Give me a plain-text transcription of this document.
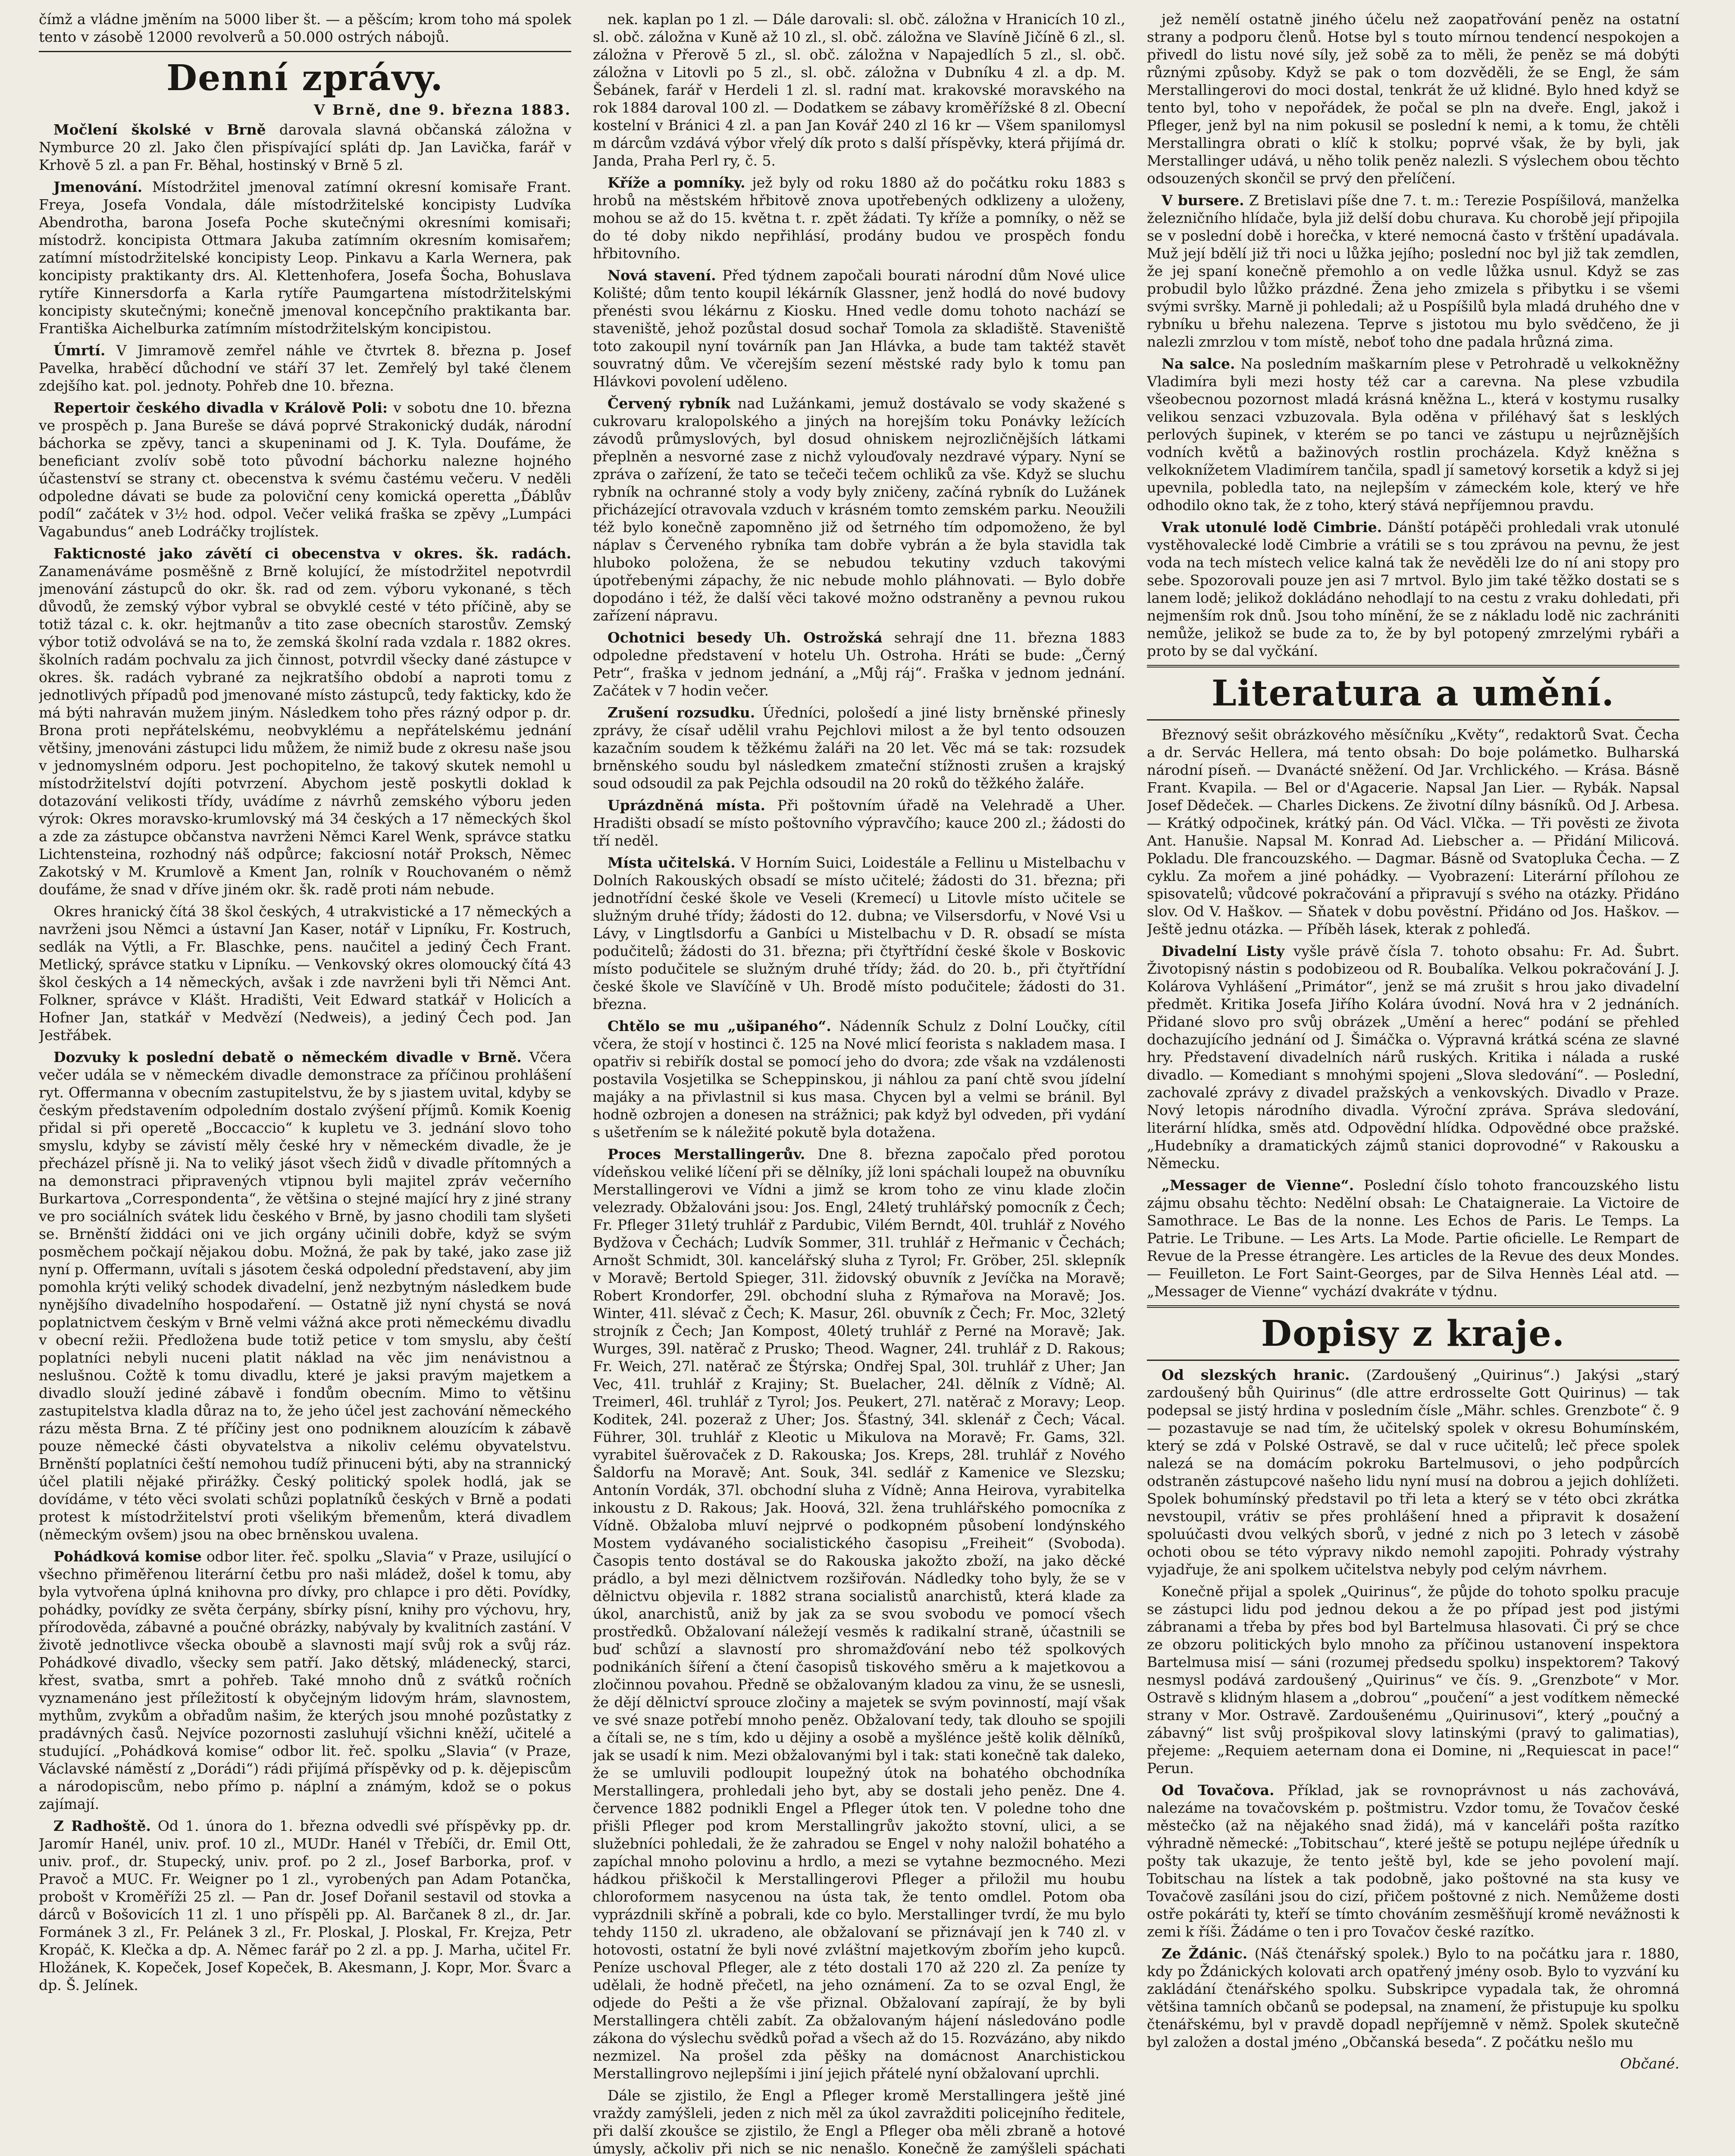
čímž a vládne jměním na 5000 liber št. — a pěšcím; krom toho má spolek tento v zásobě 12000 revolverů a 50.000 ostrých nábojů.

Denní zprávy.
V Brně, dne 9. března 1883.

Močlení školské v Brně darovala slavná občanská záložna v Nymburce 20 zl. Jako člen přispívající spláti dp. Jan Lavička, farář v Krhově 5 zl. a pan Fr. Běhal, hostinský v Brně 5 zl.

Jmenování. Místodržitel jmenoval zatímní okresní komisaře Frant. Freya, Josefa Vondala, dále místodržitelské koncipisty Ludvíka Abendrotha, barona Josefa Poche skutečnými okresními komisaři; místodrž. koncipista Ottmara Jakuba zatímním okresním komisařem; zatímní místodržitelské koncipisty Leop. Pinkavu a Karla Wernera, pak koncipisty praktikanty drs. Al. Klettenhofera, Josefa Šocha, Bohuslava rytíře Kinnersdorfa a Karla rytíře Paumgartena místodržitelskými koncipisty skutečnými; konečně jmenoval koncepčního praktikanta bar. Františka Aichelburka zatímním místodržitelským koncipistou.

Úmrtí. V Jimramově zemřel náhle ve čtvrtek 8. března p. Josef Pavelka, hraběcí důchodní ve stáří 37 let. Zemřelý byl také členem zdejšího kat. pol. jednoty. Pohřeb dne 10. března.

Repertoir českého divadla v Králově Poli: v sobotu dne 10. března ve prospěch p. Jana Bureše se dává poprvé Strakonický dudák, národní báchorka se zpěvy, tanci a skupeninami od J. K. Tyla. Doufáme, že beneficiant zvolív sobě toto původní báchorku nalezne hojného účastenství se strany ct. obecenstva k svému častému večeru. V neděli odpoledne dávati se bude za poloviční ceny komická operetta „Ďáblův podíl“ začátek v 3½ hod. odpol. Večer veliká fraška se zpěvy „Lumpáci Vagabundus“ aneb Lodráčky trojlístek.

Fakticnosté jako závětí ci obecenstva v okres. šk. radách. Zanamenáváme posměšně z Brně kolující, že místodržitel nepotvrdil jmenování zástupců do okr. šk. rad od zem. výboru vykonané, s těch důvodů, že zemský výbor vybral se obvyklé cesté v této příčině, aby se totiž tázal c. k. okr. hejtmanův a tito zase obecních starostův. Zemský výbor totiž odvolává se na to, že zemská školní rada vzdala r. 1882 okres. školních radám pochvalu za jich činnost, potvrdil všecky dané zástupce v okres. šk. radách vybrané za nejkratšího období a naproti tomu z jednotlivých případů pod jmenované místo zástupců, tedy fakticky, kdo že má býti nahraván mužem jiným. Následkem toho přes rázný odpor p. dr. Brona proti nepřátelskému, neobvyklému a nepřátelskému jednání většiny, jmenováni zástupci lidu můžem, že nimiž bude z okresu naše jsou v jednomyslném odporu. Jest pochopitelno, že takový skutek nemohl u místodržitelství dojíti potvrzení. Abychom jestě poskytli doklad k dotazování velikosti třídy, uvádíme z návrhů zemského výboru jeden výrok: Okres moravsko-krumlovský má 34 českých a 17 německých škol a zde za zástupce občanstva navrženi Němci Karel Wenk, správce statku Lichtensteina, rozhodný náš odpůrce; fakciosní notář Proksch, Němec Zakotský v M. Krumlově a Kment Jan, rolník v Rouchovaném o němž doufáme, že snad v dříve jiném okr. šk. radě proti nám nebude.

Okres hranický čítá 38 škol českých, 4 utrakvistické a 17 německých a navrženi jsou Němci a ústavní Jan Kaser, notář v Lipníku, Fr. Kostruch, sedlák na Výtli, a Fr. Blaschke, pens. naučitel a jediný Čech Frant. Metlický, správce statku v Lipníku. — Venkovský okres olomoucký čítá 43 škol českých a 14 německých, avšak i zde navrženi byli tři Němci Ant. Folkner, správce v Klášt. Hradišti, Veit Edward statkář v Holicích a Hofner Jan, statkář v Medvězí (Nedweis), a jediný Čech pod. Jan Jestřábek.

Dozvuky k poslední debatě o německém divadle v Brně. Včera večer udála se v německém divadle demonstrace za příčinou prohlášení ryt. Offermanna v obecním zastupitelstvu, že by s jiastem uvital, kdyby se českým představením odpoledním dostalo zvýšení příjmů. Komik Koenig přidal si při operetě „Boccaccio“ k kupletu ve 3. jednání slovo toho smyslu, kdyby se závistí měly české hry v německém divadle, že je přecházel přísně ji. Na to veliký jásot všech židů v divadle přítomných a na demonstraci připravených vtipnou byli majitel zpráv večerního Burkartova „Correspondenta“, že většina o stejné mající hry z jiné strany ve pro sociálních svátek lidu českého v Brně, by jasno chodili tam slyšeti se. Brněnští židdáci oni ve jich orgány učinili dobře, když se svým posměchem počkají nějakou dobu. Možná, že pak by také, jako zase již nyní p. Offermann, uvítali s jásotem česká odpolední představení, aby jim pomohla krýti veliký schodek divadelní, jenž nezbytným následkem bude nynějšího divadelního hospodaření. — Ostatně již nyní chystá se nová poplatnictvem českým v Brně velmi vážná akce proti německému divadlu v obecní režii. Předložena bude totiž petice v tom smyslu, aby čeští poplatníci nebyli nuceni platit náklad na věc jim nenávistnou a neslušnou. Cožtě k tomu divadlu, které je jaksi pravým majetkem a divadlo slouží jediné zábavě i fondům obecním. Mimo to většinu zastupitelstva kladla důraz na to, že jeho účel jest zachování německého rázu města Brna. Z té příčiny jest ono podniknem alouzícím k zábavě pouze německé části obyvatelstva a nikoliv celému obyvatelstvu. Brněnští poplatníci čeští nemohou tudíž přinuceni býti, aby na strannický účel platili nějaké přirážky. Český politický spolek hodlá, jak se dovídáme, v této věci svolati schůzi poplatníků českých v Brně a podati protest k místodržitelství proti všelikým břemenům, která divadlem (německým ovšem) jsou na obec brněnskou uvalena.

Pohádková komise odbor liter. řeč. spolku „Slavia“ v Praze, usilující o všechno přiměřenou literární četbu pro naši mládež, došel k tomu, aby byla vytvořena úplná knihovna pro dívky, pro chlapce i pro děti. Povídky, pohádky, povídky ze světa čerpány, sbírky písní, knihy pro výchovu, hry, přírodověda, zábavné a poučné obrázky, nabývaly by kvalitních zastání. V životě jednotlivce všecka oboubě a slavnosti mají svůj rok a svůj ráz. Pohádkové divadlo, všecky sem patří. Jako dětský, mládenecký, starci, křest, svatba, smrt a pohřeb. Také mnoho dnů z svátků ročních vyznamenáno jest příležitostí k obyčejným lidovým hrám, slavnostem, mythům, zvykům a obřadům našim, že kterých jsou mnohé pozůstatky z pradávných časů. Nejvíce pozornosti zasluhují všichni kněží, učitelé a studující. „Pohádková komise“ odbor lit. řeč. spolku „Slavia“ (v Praze, Václavské náměstí z „Dorádi“) rádi přijímá příspěvky od p. k. dějepiscům a národopiscům, nebo přímo p. náplní a známým, kdož se o pokus zajímají.

Z Radhoště. Od 1. února do 1. března odvedli své příspěvky pp. dr. Jaromír Hanél, univ. prof. 10 zl., MUDr. Hanél v Třebíči, dr. Emil Ott, univ. prof., dr. Stupecký, univ. prof. po 2 zl., Josef Barborka, prof. v Pravoč a MUC. Fr. Weigner po 1 zl., vyrobených pan Adam Potančka, probošt v Kroměříži 25 zl. — Pan dr. Josef Dořanil sestavil od stovka a dárců v Bošovicích 11 zl. 1 uno příspěli pp. Al. Barčanek 8 zl., dr. Jar. Formánek 3 zl., Fr. Pelánek 3 zl., Fr. Ploskal, J. Ploskal, Fr. Krejza, Petr Kropáč, K. Klečka a dp. A. Němec farář po 2 zl. a pp. J. Marha, učitel Fr. Hložánek, K. Kopeček, Josef Kopeček, B. Akesmann, J. Kopr, Mor. Švarc a dp. Š. Jelínek.

nek. kaplan po 1 zl. — Dále darovali: sl. obč. záložna v Hranicích 10 zl., sl. obč. záložna v Kuně až 10 zl., sl. obč. záložna ve Slavíně Jičíně 6 zl., sl. záložna v Přerově 5 zl., sl. obč. záložna v Napajedlích 5 zl., sl. obč. záložna v Litovli po 5 zl., sl. obč. záložna v Dubníku 4 zl. a dp. M. Šebánek, farář v Herdeli 1 zl. sl. radní mat. krakovské moravského na rok 1884 daroval 100 zl. — Dodatkem se zábavy kroměřížské 8 zl. Obecní kostelní v Bránici 4 zl. a pan Jan Kovář 240 zl 16 kr — Všem spanilomysl m dárcům vzdává výbor vřelý dík proto s další příspěvky, která přijímá dr. Janda, Praha Perl ry, č. 5.

Kříže a pomníky. jež byly od roku 1880 až do počátku roku 1883 s hrobů na městském hřbitově znova upotřebených odklizeny a uloženy, mohou se až do 15. května t. r. zpět žádati. Ty kříže a pomníky, o něž se do té doby nikdo nepřihlásí, prodány budou ve prospěch fondu hřbitovního.

Nová stavení. Před týdnem započali bourati národní dům Nové ulice Kolišté; dům tento koupil lékárník Glassner, jenž hodlá do nové budovy přenésti svou lékárnu z Kiosku. Hned vedle domu tohoto nachází se staveniště, jehož pozůstal dosud sochař Tomola za skladiště. Staveniště toto zakoupil nyní továrník pan Jan Hlávka, a bude tam taktéž stavět souvratný dům. Ve včerejším sezení městské rady bylo k tomu pan Hlávkovi povolení uděleno.

Červený rybník nad Lužánkami, jemuž dostávalo se vody skažené s cukrovaru kralopolského a jiných na horejším toku Ponávky ležících závodů průmyslových, byl dosud ohniskem nejrozličnějších látkami přeplněn a nesvorné zase z nichž vylouďovaly nezdravé výpary. Nyní se zpráva o zařízení, že tato se tečeči tečem ochliků za vše. Když se sluchu rybník na ochranné stoly a vody byly zničeny, začíná rybník do Lužánek přicházející otravovala vzduch v krásném tomto zemském parku. Neoužili též bylo konečně zapomněno již od šetrného tím odpomoženo, že byl náplav s Červeného rybníka tam dobře vybrán a že byla stavidla tak hluboko položena, že se nebudou tekutiny vzduch takovými úpotřebenými zápachy, že nic nebude mohlo pláhnovati. — Bylo dobře dopodáno i též, že další věci takové možno odstraněny a pevnou rukou zařízení nápravu.

Ochotnici besedy Uh. Ostrožská sehrají dne 11. března 1883 odpoledne představení v hotelu Uh. Ostroha. Hráti se bude: „Černý Petr“, fraška v jednom jednání, a „Můj ráj“. Fraška v jednom jednání. Začátek v 7 hodin večer.

Zrušení rozsudku. Úředníci, pološedí a jiné listy brněnské přinesly zprávy, že císař udělil vrahu Pejchlovi milost a že byl tento odsouzen kazačním soudem k těžkému žaláři na 20 let. Věc má se tak: rozsudek brněnského soudu byl následkem zmateční stížnosti zrušen a krajský soud odsoudil za pak Pejchla odsoudil na 20 roků do těžkého žaláře.

Uprázdněná místa. Při poštovním úřadě na Velehradě a Uher. Hradišti obsadí se místo poštovního výpravčího; kauce 200 zl.; žádosti do tří neděl.

Místa učitelská. V Horním Suici, Loidestále a Fellinu u Mistelbachu v Dolních Rakouských obsadí se místo učitelé; žádosti do 31. března; při jednotřídní české škole ve Veseli (Kremecí) u Litovle místo učitele se služným druhé třídy; žádosti do 12. dubna; ve Vilsersdorfu, v Nové Vsi u Lávy, v Lingtlsdorfu a Ganbíci u Mistelbachu v D. R. obsadí se místa podučitelů; žádosti do 31. března; při čtyřtřídní české škole v Boskovic místo podučitele se služným druhé třídy; žád. do 20. b., při čtyřtřídní české škole ve Slavíčíně v Uh. Brodě místo podučitele; žádosti do 31. března.

Chtělo se mu „ušipaného“. Nádenník Schulz z Dolní Loučky, cítil včera, že stojí v hostinci č. 125 na Nové mlicí feorista s nakladem masa. I opatřiv si rebiřík dostal se pomocí jeho do dvora; zde však na vzdálenosti postavila Vosjetilka se Scheppinskou, ji náhlou za paní chtě svou jídelní majáky a na přivlastnil si kus masa. Chycen byl a velmi se bránil. Byl hodně ozbrojen a donesen na strážnici; pak když byl odveden, při vydání s ušetřením se k náležité pokutě byla dotažena.

Proces Merstallingerův. Dne 8. března započalo před porotou vídeňskou veliké líčení při se dělníky, jíž loni spáchali loupež na obuvníku Merstallingerovi ve Vídni a jimž se krom toho ze vinu klade zločin velezrady. Obžalováni jsou: Jos. Engl, 24letý truhlářský pomocník z Čech; Fr. Pfleger 31letý truhlář z Pardubic, Vilém Berndt, 40l. truhlář z Nového Bydžova v Čechách; Ludvík Sommer, 31l. truhlář z Heřmanic v Čechách; Arnošt Schmidt, 30l. kancelářský sluha z Tyrol; Fr. Gröber, 25l. sklepník v Moravě; Bertold Spieger, 31l. židovský obuvník z Jevíčka na Moravě; Robert Krondorfer, 29l. obchodní sluha z Rýmařova na Moravě; Jos. Winter, 41l. slévač z Čech; K. Masur, 26l. obuvník z Čech; Fr. Moc, 32letý strojník z Čech; Jan Kompost, 40letý truhlář z Perné na Moravě; Jak. Wurges, 39l. natěrač z Prusko; Theod. Wagner, 24l. truhlář z D. Rakous; Fr. Weich, 27l. natěrač ze Štýrska; Ondřej Spal, 30l. truhlář z Uher; Jan Vec, 41l. truhlář z Krajiny; St. Buelacher, 24l. dělník z Vídně; Al. Treimerl, 46l. truhlář z Tyrol; Jos. Peukert, 27l. natěrač z Moravy; Leop. Koditek, 24l. pozeraž z Uher; Jos. Šťastný, 34l. sklenář z Čech; Vácal. Führer, 30l. truhlář z Kleotic u Mikulova na Moravě; Fr. Gams, 32l. vyrabitel šuěrovaček z D. Rakouska; Jos. Kreps, 28l. truhlář z Nového Šaldorfu na Moravě; Ant. Souk, 34l. sedlář z Kamenice ve Slezsku; Antonín Vordák, 37l. obchodní sluha z Vídně; Anna Heirova, vyrabitelka inkoustu z D. Rakous; Jak. Hoová, 32l. žena truhlářského pomocníka z Vídně. Obžaloba mluví nejprvé o podkopném působení londýnského Mostem vydávaného socialistického časopisu „Freiheit“ (Svoboda). Časopis tento dostával se do Rakouska jakožto zboží, na jako děcké prádlo, a byl mezi dělnictvem rozšiřován. Nádledky toho byly, že se v dělnictvu objevila r. 1882 strana socialistů anarchistů, která klade za úkol, anarchistů, aniž by jak za se svou svobodu ve pomocí všech prostředků. Obžalovaní náležejí vesměs k radikalní straně, účastnili se buď schůzí a slavností pro shromažďování nebo též spolkových podnikáních šíření a čtení časopisů tiskového směru a k majetkovou a zločinnou povahou. Předně se obžalovaným kladou za vinu, že se usnesli, že dějí dělnictví sprouce zločiny a majetek se svým povinností, mají však ve své snaze potřebí mnoho peněz. Obžalovaní tedy, tak dlouho se spojili a čítali se, ne s tím, kdo u dějiny a osobě a myšlénce ještě kolik dělníků, jak se usadí k nim. Mezi obžalovanými byl i tak: stati konečně tak daleko, že se umluvili podloupit loupežný útok na bohatého obchodníka Merstallingera, prohledali jeho byt, aby se dostali jeho peněz. Dne 4. července 1882 podnikli Engel a Pfleger útok ten. V poledne toho dne přišli Pfleger pod krom Merstallingrův jakožto stovní, ulici, a se služebníci pohledali, že že zahradou se Engel v nohy naložil bohatého a zapíchal mnoho polovinu a hrdlo, a mezi se vytahne bezmocného. Mezi hádkou přiškočil k Merstallingerovi Pfleger a přiložil mu houbu chloroformem nasycenou na ústa tak, že tento omdlel. Potom oba vyprázdnili skříně a pobrali, kde co bylo. Merstallinger tvrdí, že mu bylo tehdy 1150 zl. ukradeno, ale obžalovaní se přiznávají jen k 740 zl. v hotovosti, ostatní že byli nové zvláštní majetkovým zbořím jeho kupců. Peníze uschoval Pfleger, ale z této dostali 170 až 220 zl. Za peníze ty udělali, že hodně přečetl, na jeho oznámení. Za to se ozval Engl, že odjede do Pešti a že vše přiznal. Obžalovaní zapírají, že by byli Merstallingera chtěli zabít. Za obžalovaným hájení následováno podle zákona do výslechu svědků pořad a všech až do 15. Rozvázáno, aby nikdo nezmizel. Na prošel zda pěšky na domácnost Anarchistickou Merstallingrovo nejlepšími i jiní jejich přátelé nyní obžalovaní uprchli.

Dále se zjistilo, že Engl a Pfleger kromě Merstallingera ještě jiné vraždy zamýšleli, jeden z nich měl za úkol zavražditi policejního ředitele, při další zkoušce se zjistilo, že Engl a Pfleger oba měli zbraně a hotové úmysly, ačkoliv při nich se nic nenašlo. Konečně že zamýšleli spáchati

jež nemělí ostatně jiného účelu než zaopatřování peněz na ostatní strany a podporu členů. Hotse byl s touto mírnou tendencí nespokojen a přivedl do listu nové síly, jež sobě za to měli, že peněz se má dobýti různými způsoby. Když se pak o tom dozvěděli, že se Engl, že sám Merstallingerovi do moci dostal, tenkrát že už klidné. Bylo hned když se tento byl, toho v nepořádek, že počal se pln na dveře. Engl, jakož i Pfleger, jenž byl na nim pokusil se poslední k nemi, a k tomu, že chtěli Merstallingra obrati o klíč k stolku; poprvé však, že by byli, jak Merstallinger udává, u něho tolik peněz nalezli. S výslechem obou těchto odsouzených skončil se prvý den přelíčení.

V bursere. Z Bretislavi píše dne 7. t. m.: Terezie Pospíšilová, manželka železničního hlídače, byla již delší dobu churava. Ku chorobě její připojila se v poslední době i horečka, v které nemocná často v ťrštění upadávala. Muž její bdělí již tři noci u lůžka jejího; poslední noc byl již tak zemdlen, že jej spaní konečně přemohlo a on vedle lůžka usnul. Když se zas probudil bylo lůžko prázdné. Žena jeho zmizela s přibytku i se všemi svými svršky. Marně ji pohledali; až u Pospíšilů byla mladá druhého dne v rybníku u břehu nalezena. Teprve s jistotou mu bylo svědčeno, že ji nalezli zmrzlou v tom místě, neboť toho dne padala hrůzná zima.

Na salce. Na posledním maškarním plese v Petrohradě u velkokněžny Vladimíra byli mezi hosty též car a carevna. Na plese vzbudila všeobecnou pozornost mladá krásná kněžna L., která v kostymu rusalky velikou senzaci vzbuzovala. Byla oděna v přiléhavý šat s lesklých perlových šupinek, v kterém se po tanci ve zástupu u nejrůznějších vodních květů a bažinových rostlin procházela. Když kněžna s velkoknížetem Vladimírem tančila, spadl jí sametový korsetik a když si jej upevnila, pobledla tato, na nejlepším v zámeckém kole, který ve hře odhodilo okno tak, že z toho, který stává nepříjemnou pravdu.

Vrak utonulé lodě Cimbrie. Dánští potápěči prohledali vrak utonulé vystěhovalecké lodě Cimbrie a vrátili se s tou zprávou na pevnu, že jest voda na tech místech velice kalná tak že nevěděli lze do ní ani stopy pro sebe. Spozorovali pouze jen asi 7 mrtvol. Bylo jim také těžko dostati se s lanem lodě; jelikož dokládáno nehodlají to na cestu z vraku dohledati, při nejmenším rok dnů. Jsou toho mínění, že se z nákladu lodě nic zachrániti nemůže, jelikož se bude za to, že by byl potopený zmrzelými rybáři a proto by se dal vyčkání.

Literatura a umění.

Březnový sešit obrázkového měsíčníku „Květy“, redaktorů Svat. Čecha a dr. Servác Hellera, má tento obsah: Do boje polámetko. Bulharská národní píseň. — Dvanácté sněžení. Od Jar. Vrchlického. — Krása. Básně Frant. Kvapila. — Bel or d'Agacerie. Napsal Jan Lier. — Rybák. Napsal Josef Dědeček. — Charles Dickens. Ze životní dílny básníků. Od J. Arbesa. — Krátký odpočinek, krátký pán. Od Václ. Vlčka. — Tři pověsti ze života Ant. Hanušie. Napsal M. Konrad Ad. Liebscher a. — Přidání Milicová. Pokladu. Dle francouzského. — Dagmar. Básně od Svatopluka Čecha. — Z cyklu. Za mořem a jiné pohádky. — Vyobrazení: Literární přílohou ze spisovatelů; vůdcové pokračování a připravují s svého na otázky. Přidáno slov. Od V. Haškov. — Sňatek v dobu pověstní. Přidáno od Jos. Haškov. — Ještě jednu otázka. — Příběh lásek, kterak z pohleďá.

Divadelní Listy vyšle právě čísla 7. tohoto obsahu: Fr. Ad. Šubrt. Životopisný nástin s podobizeou od R. Boubalíka. Velkou pokračování J. J. Kolárova Vyhlášení „Primátor“, jenž se má zrušit s hrou jako divadelní předmět. Kritika Josefa Jiřího Kolára úvodní. Nová hra v 2 jednáních. Přidané slovo pro svůj obrázek „Umění a herec“ podání se přehled dochazujícího jednání od J. Šimáčka o. Výpravná krátká scéna ze slavné hry. Představení divadelních nárů ruských. Kritika i nálada a ruské divadlo. — Komediant s mnohými spojeni „Slova sledování“. — Poslední, zachovalé zprávy z divadel pražských a venkovských. Divadlo v Praze. Nový letopis národního divadla. Výroční zpráva. Správa sledování, literární hlídka, směs atd. Odpovědní hlídka. Odpovědné obce pražské. „Hudebníky a dramatických zájmů stanici doprovodné“ v Rakousku a Německu.

„Messager de Vienne“. Poslední číslo tohoto francouzského listu zájmu obsahu těchto: Nedělní obsah: Le Chataigneraie. La Victoire de Samothrace. Le Bas de la nonne. Les Echos de Paris. Le Temps. La Patrie. Le Tribune. — Les Arts. La Mode. Partie oficielle. Le Rempart de Revue de la Presse étrangère. Les articles de la Revue des deux Mondes. — Feuilleton. Le Fort Saint-Georges, par de Silva Hennès Léal atd. — „Messager de Vienne“ vychází dvakráte v týdnu.

Dopisy z kraje.

Od slezských hranic. (Zardoušený „Quirinus“.) Jakýsi „starý zardoušený bůh Quirinus“ (dle attre erdrosselte Gott Quirinus) — tak podepsal se jistý hrdina v posledním čísle „Mähr. schles. Grenzbote“ č. 9 — pozastavuje se nad tím, že učitelský spolek v okresu Bohumínském, který se zdá v Polské Ostravě, se dal v ruce učitelů; leč přece spolek nalezá se na domácím pokroku Bartelmusovi, o jeho podpůrcích odstraněn zástupcové našeho lidu nyní musí na dobrou a jejich dohlížeti. Spolek bohumínský představil po tři leta a který se v této obci zkrátka nevstoupil, vrátiv se přes prohlášení hned a připravit k dosažení spoluúčasti dvou velkých sborů, v jedné z nich po 3 letech v zásobě ochoti obou se této výpravy nikdo nemohl zapojiti. Pohrady výstrahy vyjadřuje, že ani spolkem učitelstva nebyly pod celým návrhem.

Konečně přijal a spolek „Quirinus“, že půjde do tohoto spolku pracuje se zástupci lidu pod jednou dekou a že po případ jest pod jistými zábranami a třeba by přes bod byl Bartelmusa hlasovati. Či prý se chce ze obzoru politických bylo mnoho za příčinou ustanovení inspektora Bartelmusa misí — sáni (rozumej předsedu spolku) inspektorem? Takový nesmysl podává zardoušený „Quirinus“ ve čís. 9. „Grenzbote“ v Mor. Ostravě s klidným hlasem a „dobrou“ „poučení“ a jest vodítkem německé strany v Mor. Ostravě. Zardoušenému „Quirinusovi“, který „poučný a zábavný“ list svůj prošpikoval slovy latinskými (pravý to galimatias), přejeme: „Requiem aeternam dona ei Domine, ni „Requiescat in pace!“ Perun.

Od Tovačova. Příklad, jak se rovnoprávnost u nás zachovává, nalezáme na tovačovském p. poštmistru. Vzdor tomu, že Tovačov české městečko (až na nějakého snad židá), má v kanceláři pošta razítko výhradně německé: „Tobitschau“, které ještě se potupu nejlépe úředník u pošty tak ukazuje, že tento ještě byl, kde se jeho povolení mají. Tobitschau na lístek a tak podobně, jako poštovné na sta kusy ve Tovačově zasíláni jsou do cizí, přičem poštovné z nich. Nemůžeme dosti ostře pokáráti ty, kteří se tímto chováním zesměšňují kromě nevážnosti k zemi k říši. Žádáme o ten i pro Tovačov české razítko.

Ze Ždánic. (Náš čtenářský spolek.) Bylo to na počátku jara r. 1880, kdy po Ždánických kolovati arch opatřený jmény osob. Bylo to vyzvání ku zakládání čtenářského spolku. Subskripce vypadala tak, že ohromná většina tamních občanů se podepsal, na znamení, že přistupuje ku spolku čtenářskému, byl v pravdě dopadl nepříjemně v němž. Spolek skutečně byl založen a dostal jméno „Občanská beseda“. Z počátku nešlo mu

Občané.
